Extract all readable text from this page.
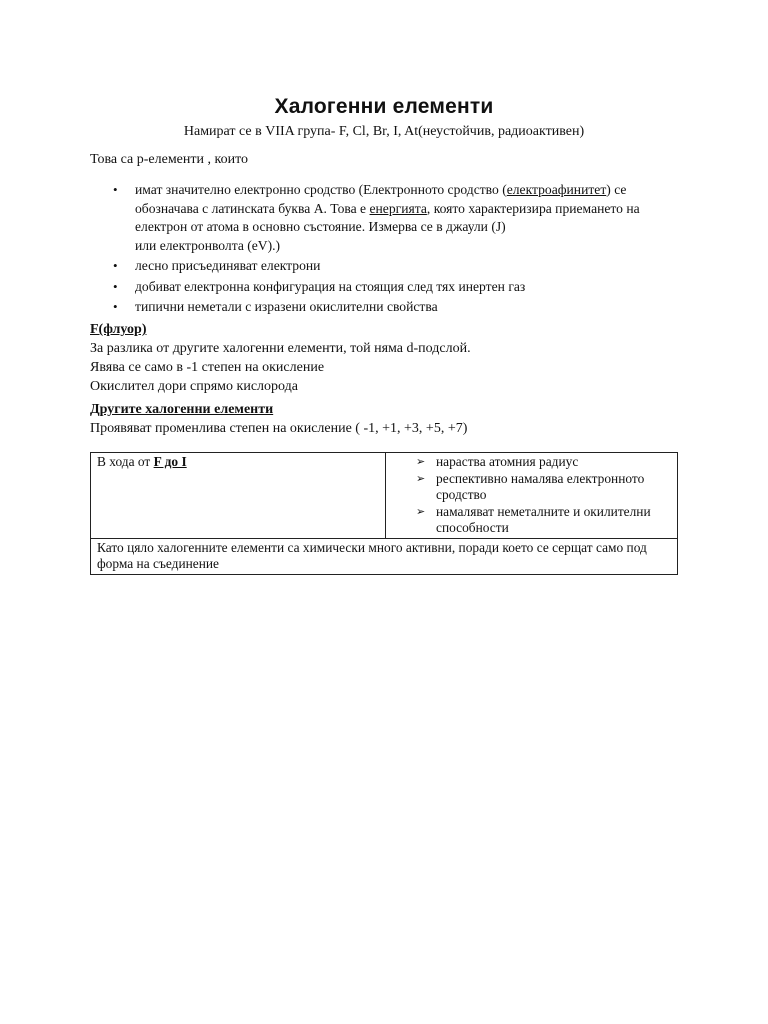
Халогенни елементи
Намират се в VIIA група- F, Cl, Br, I, At(неустойчив, радиоактивен)
Това са p-елементи , които
• имат значително електронно сродство (Електронното сродство (електроафинитет) се обозначава с латинската буква A. Това е енергията, която характеризира приемането на електрон от атома в основно състояние. Измерва се в джаули (J)
или електронволта (eV).)
• лесно присъединяват електрони
• добиват електронна конфигурация на стоящия след тях инертен газ
• типични неметали с изразени окислителни свойства
F(флуор)
За разлика от другите халогенни елементи, той няма d-подслой.
Явява се само в -1 степен на окисление
Окислител дори спрямо кислорода
Другите халогенни елементи
Проявяват променлива степен на окисление ( -1, +1, +3, +5, +7)
В хода от F до I	➢ нараства атомния радиус
➢ респективно намалява електронното сродство
➢ намаляват неметалните и окилителни способности

Като цяло халогенните елементи са химически много активни, поради което се серщат само под форма на съединение
